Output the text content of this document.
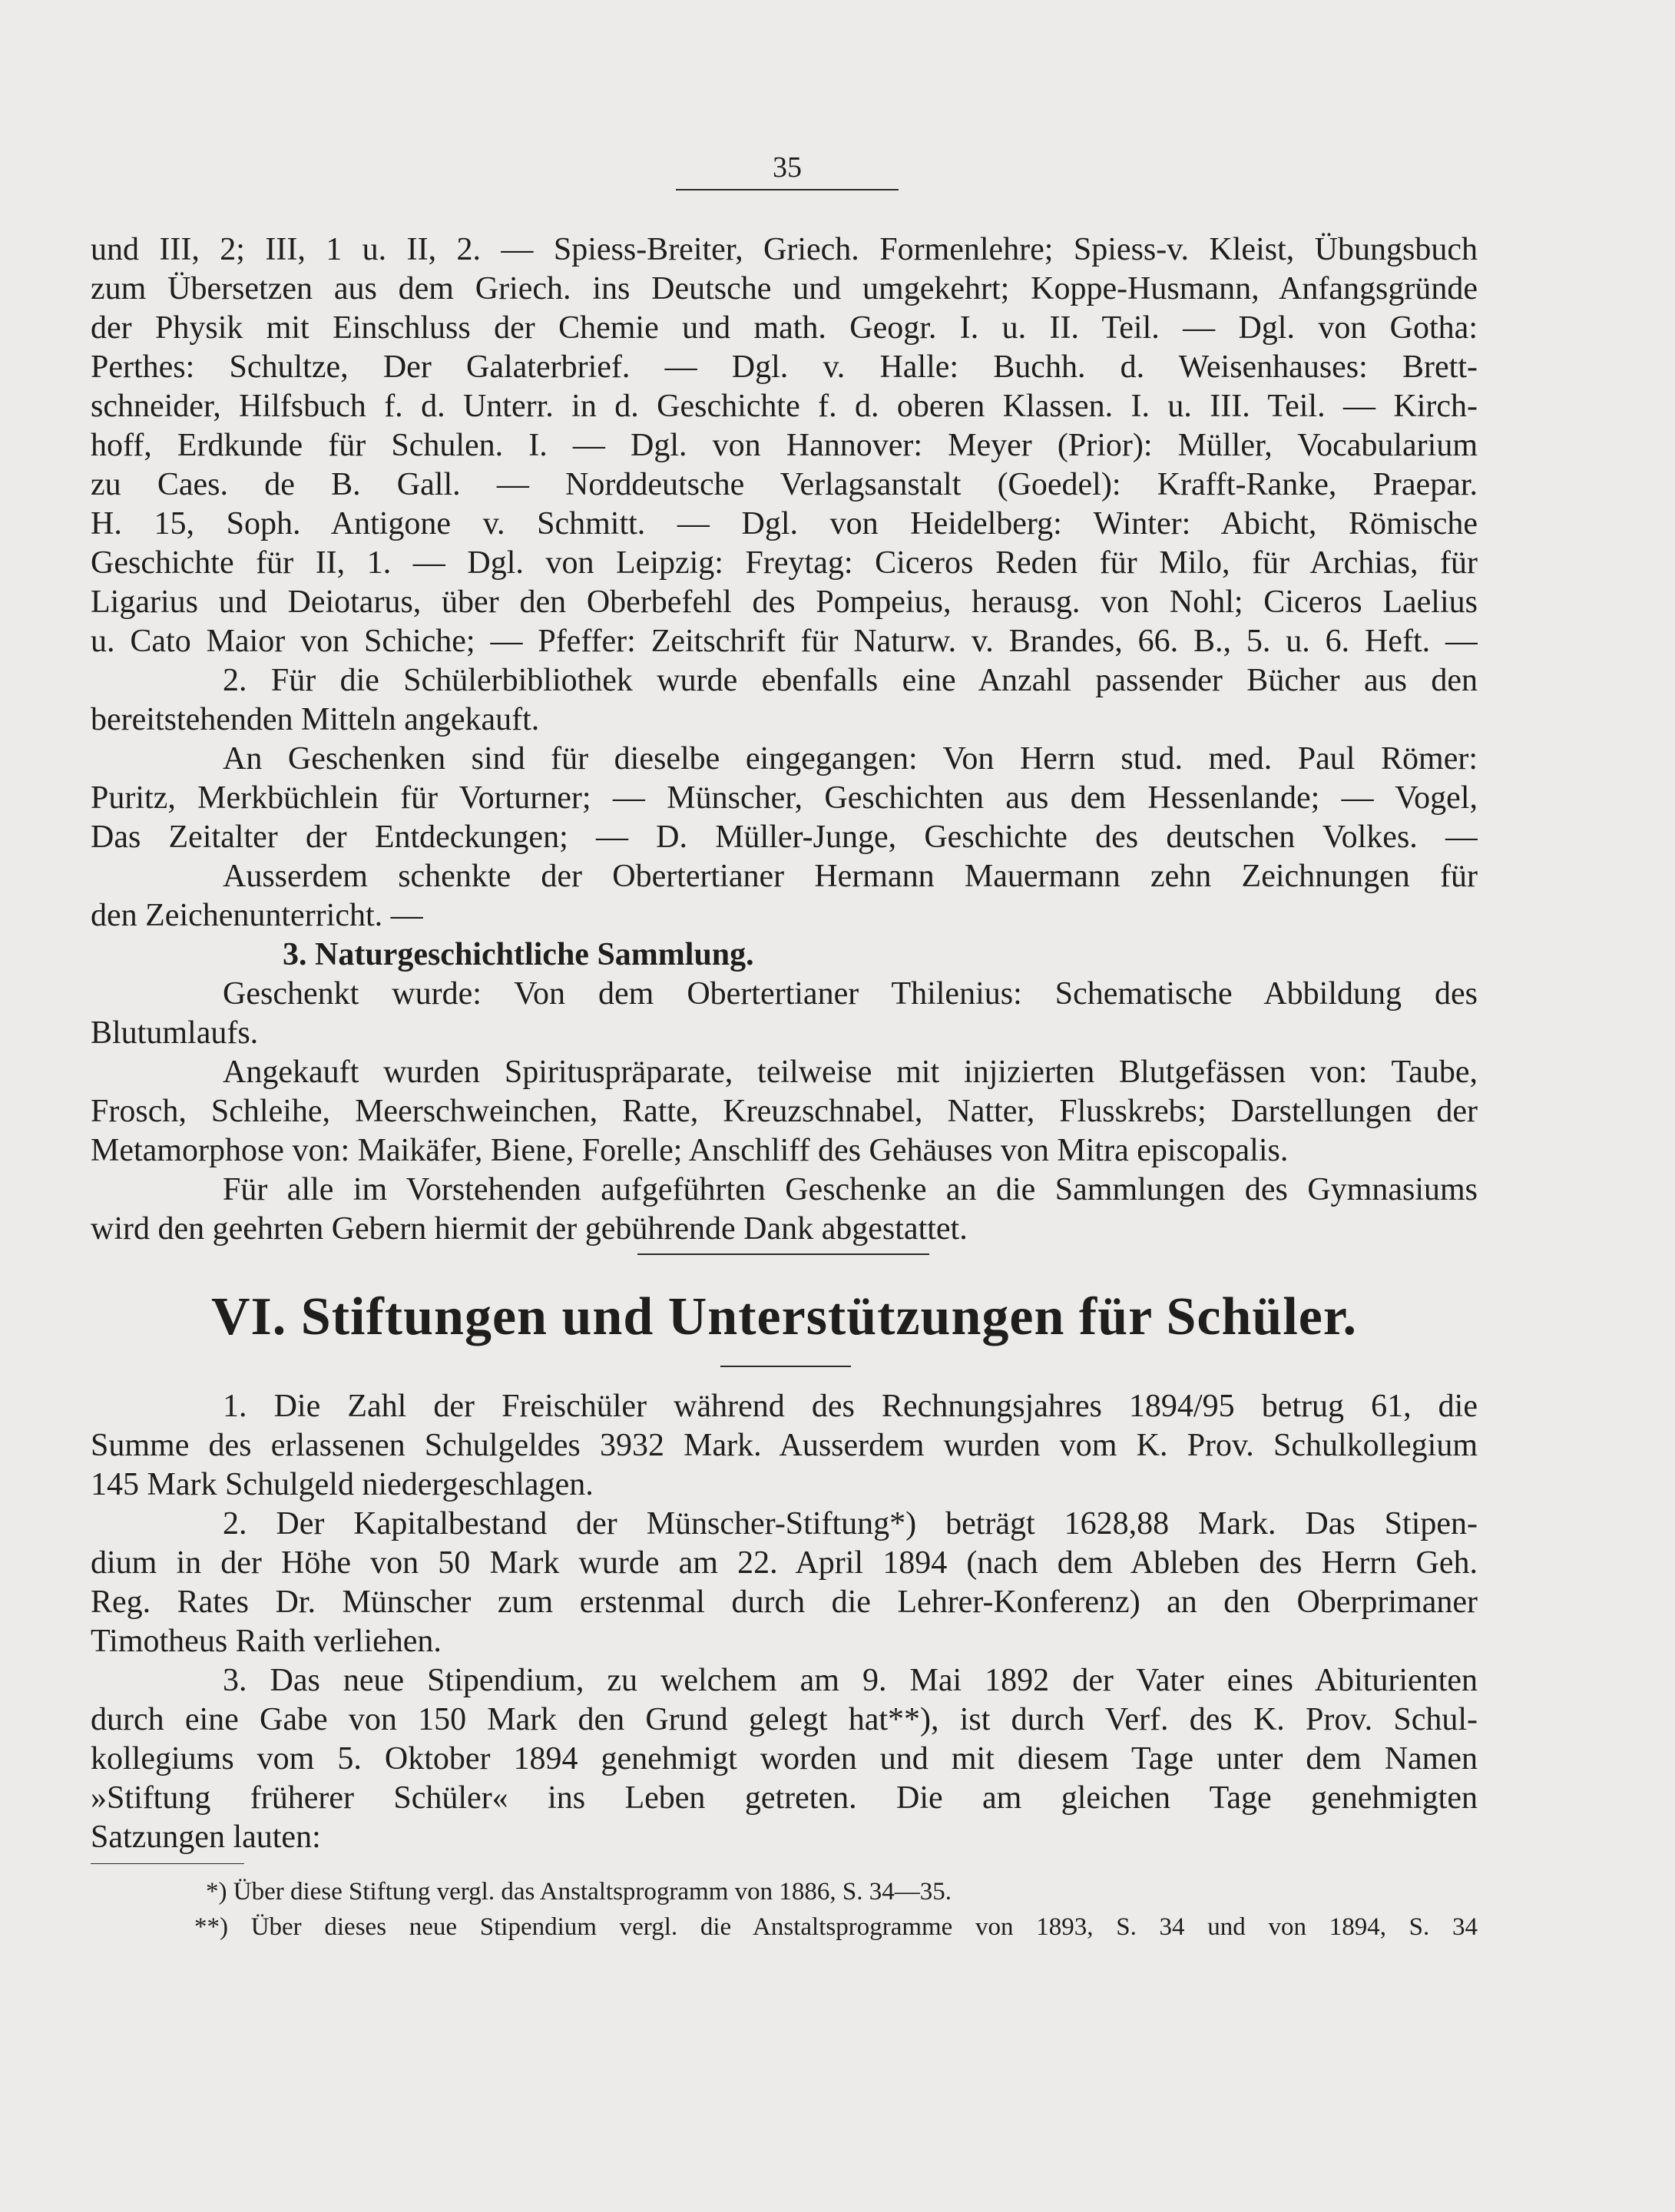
35
und III, 2; III, 1 u. II, 2. — Spiess-Breiter, Griech. Formenlehre; Spiess-v. Kleist, Übungsbuch
zum Übersetzen aus dem Griech. ins Deutsche und umgekehrt; Koppe-Husmann, Anfangsgründe
der Physik mit Einschluss der Chemie und math. Geogr. I. u. II. Teil. — Dgl. von Gotha:
Perthes: Schultze, Der Galaterbrief. — Dgl. v. Halle: Buchh. d. Weisenhauses: Brett-
schneider, Hilfsbuch f. d. Unterr. in d. Geschichte f. d. oberen Klassen. I. u. III. Teil. — Kirch-
hoff, Erdkunde für Schulen. I. — Dgl. von Hannover: Meyer (Prior): Müller, Vocabularium
zu Caes. de B. Gall. — Norddeutsche Verlagsanstalt (Goedel): Krafft-Ranke, Praepar.
H. 15, Soph. Antigone v. Schmitt. — Dgl. von Heidelberg: Winter: Abicht, Römische
Geschichte für II, 1. — Dgl. von Leipzig: Freytag: Ciceros Reden für Milo, für Archias, für
Ligarius und Deiotarus, über den Oberbefehl des Pompeius, herausg. von Nohl; Ciceros Laelius
u. Cato Maior von Schiche; — Pfeffer: Zeitschrift für Naturw. v. Brandes, 66. B., 5. u. 6. Heft. —
2. Für die Schülerbibliothek wurde ebenfalls eine Anzahl passender Bücher aus den
bereitstehenden Mitteln angekauft.
An Geschenken sind für dieselbe eingegangen: Von Herrn stud. med. Paul Römer:
Puritz, Merkbüchlein für Vorturner; — Münscher, Geschichten aus dem Hessenlande; — Vogel,
Das Zeitalter der Entdeckungen; — D. Müller-Junge, Geschichte des deutschen Volkes. —
Ausserdem schenkte der Obertertianer Hermann Mauermann zehn Zeichnungen für
den Zeichenunterricht. —
3. Naturgeschichtliche Sammlung.
Geschenkt wurde: Von dem Obertertianer Thilenius: Schematische Abbildung des
Blutumlaufs.
Angekauft wurden Spirituspräparate, teilweise mit injizierten Blutgefässen von: Taube,
Frosch, Schleihe, Meerschweinchen, Ratte, Kreuzschnabel, Natter, Flusskrebs; Darstellungen der
Metamorphose von: Maikäfer, Biene, Forelle; Anschliff des Gehäuses von Mitra episcopalis.
Für alle im Vorstehenden aufgeführten Geschenke an die Sammlungen des Gymnasiums
wird den geehrten Gebern hiermit der gebührende Dank abgestattet.
VI. Stiftungen und Unterstützungen für Schüler.
1. Die Zahl der Freischüler während des Rechnungsjahres 1894/95 betrug 61, die
Summe des erlassenen Schulgeldes 3932 Mark. Ausserdem wurden vom K. Prov. Schulkollegium
145 Mark Schulgeld niedergeschlagen.
2. Der Kapitalbestand der Münscher-Stiftung*) beträgt 1628,88 Mark. Das Stipen-
dium in der Höhe von 50 Mark wurde am 22. April 1894 (nach dem Ableben des Herrn Geh.
Reg. Rates Dr. Münscher zum erstenmal durch die Lehrer-Konferenz) an den Oberprimaner
Timotheus Raith verliehen.
3. Das neue Stipendium, zu welchem am 9. Mai 1892 der Vater eines Abiturienten
durch eine Gabe von 150 Mark den Grund gelegt hat**), ist durch Verf. des K. Prov. Schul-
kollegiums vom 5. Oktober 1894 genehmigt worden und mit diesem Tage unter dem Namen
»Stiftung früherer Schüler« ins Leben getreten. Die am gleichen Tage genehmigten
Satzungen lauten:
*) Über diese Stiftung vergl. das Anstaltsprogramm von 1886, S. 34—35.
**) Über dieses neue Stipendium vergl. die Anstaltsprogramme von 1893, S. 34 und von 1894, S. 34
